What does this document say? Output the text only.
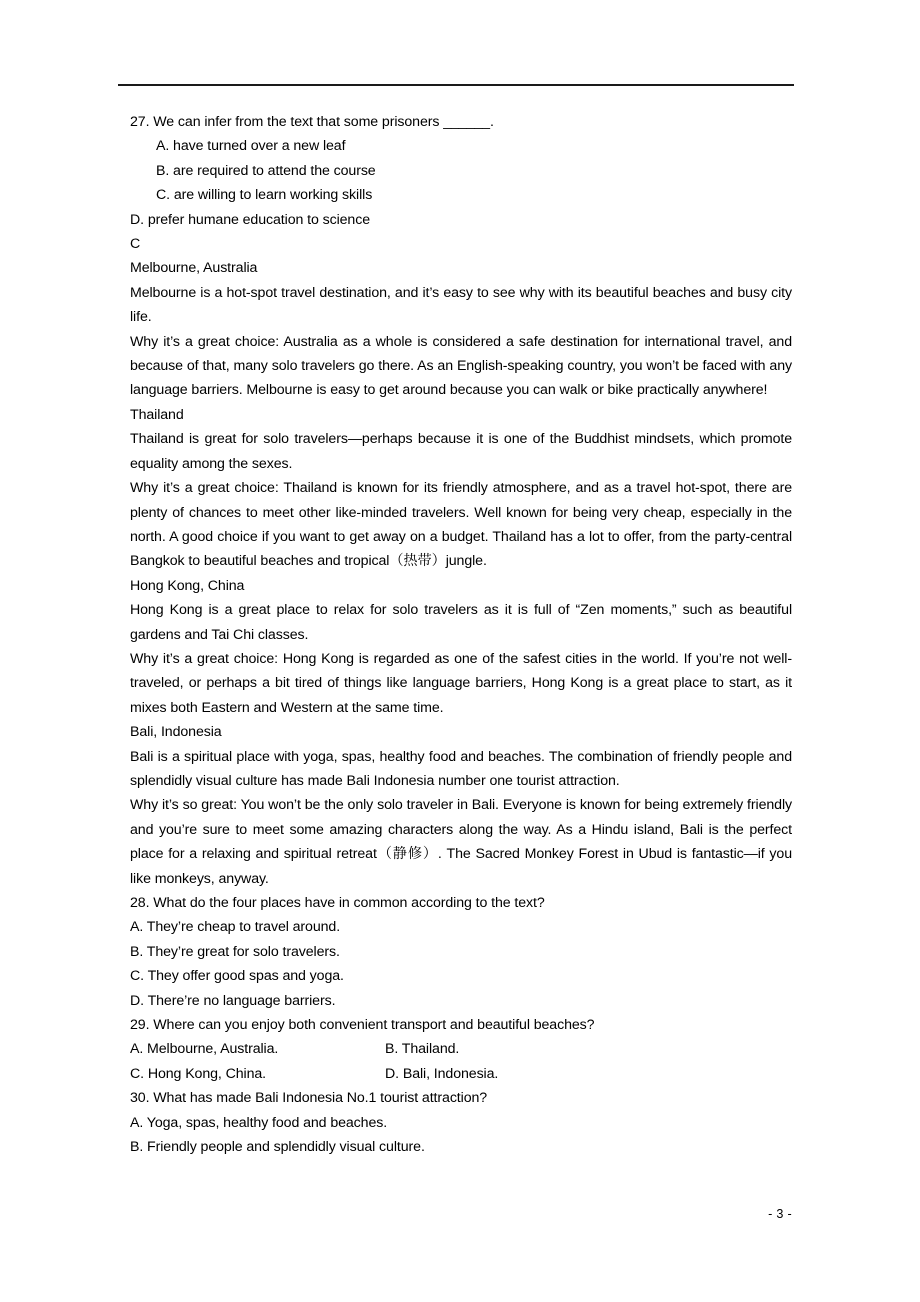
27. We can infer from the text that some prisoners ______.
A. have turned over a new leaf
B. are required to attend the course
C. are willing to learn working skills
D. prefer humane education to science
C
Melbourne, Australia

Melbourne is a hot-spot travel destination, and it’s easy to see why with its beautiful beaches and busy city life.

Why it’s a great choice: Australia as a whole is considered a safe destination for international travel, and because of that, many solo travelers go there. As an English-speaking country, you won’t be faced with any language barriers. Melbourne is easy to get around because you can walk or bike practically anywhere!

Thailand

Thailand is great for solo travelers—perhaps because it is one of the Buddhist mindsets, which promote equality among the sexes.

Why it’s a great choice: Thailand is known for its friendly atmosphere, and as a travel hot-spot, there are plenty of chances to meet other like-minded travelers. Well known for being very cheap, especially in the north. A good choice if you want to get away on a budget. Thailand has a lot to offer, from the party-central Bangkok to beautiful beaches and tropical（热带）jungle.

Hong Kong, China

Hong Kong is a great place to relax for solo travelers as it is full of “Zen moments,” such as beautiful gardens and Tai Chi classes.

Why it’s a great choice: Hong Kong is regarded as one of the safest cities in the world. If you’re not well-traveled, or perhaps a bit tired of things like language barriers, Hong Kong is a great place to start, as it mixes both Eastern and Western at the same time.

Bali, Indonesia

Bali is a spiritual place with yoga, spas, healthy food and beaches. The combination of friendly people and splendidly visual culture has made Bali Indonesia number one tourist attraction.

Why it’s so great: You won’t be the only solo traveler in Bali. Everyone is known for being extremely friendly and you’re sure to meet some amazing characters along the way. As a Hindu island, Bali is the perfect place for a relaxing and spiritual retreat（静修）. The Sacred Monkey Forest in Ubud is fantastic—if you like monkeys, anyway.

28. What do the four places have in common according to the text?
A. They’re cheap to travel around.
B. They’re great for solo travelers.
C. They offer good spas and yoga.
D. There’re no language barriers.
29. Where can you enjoy both convenient transport and beautiful beaches?
A. Melbourne, Australia.	B. Thailand.
C. Hong Kong, China.	D. Bali, Indonesia.
30. What has made Bali Indonesia No.1 tourist attraction?
A. Yoga, spas, healthy food and beaches.
B. Friendly people and splendidly visual culture.
- 3 -
